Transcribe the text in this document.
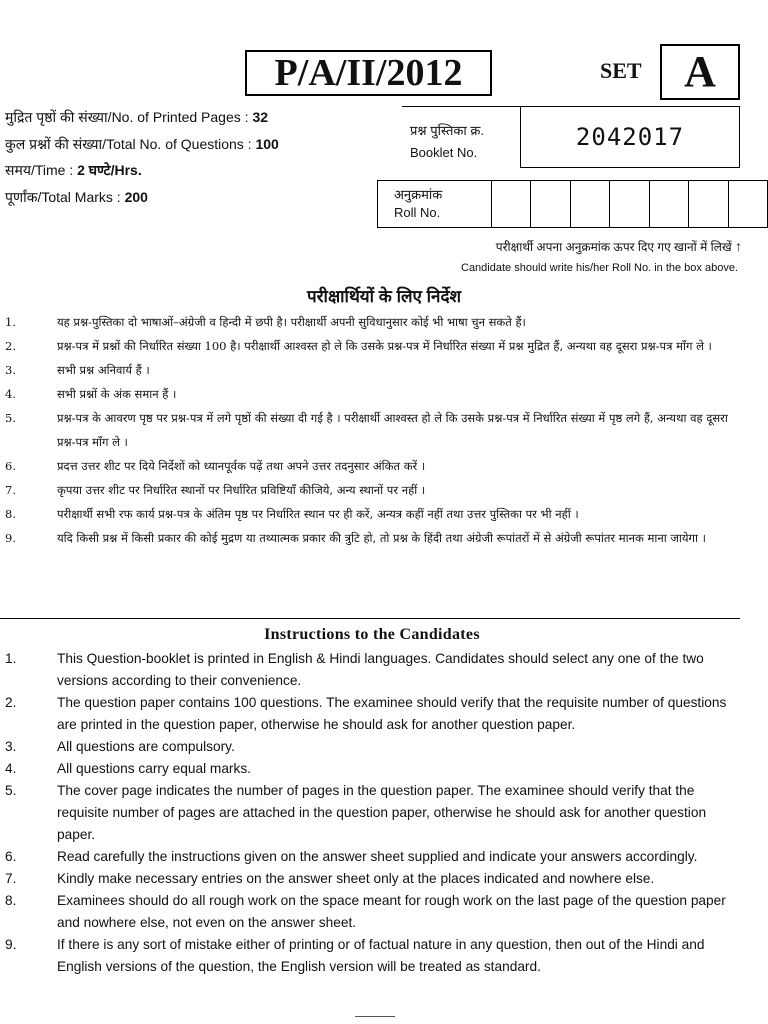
P/A/II/2012	SET A
मुद्रित पृष्ठों की संख्या/No. of Printed Pages : 32
कुल प्रश्नों की संख्या/Total No. of Questions : 100
समय/Time : 2 घण्टे/Hrs.
पूर्णांक/Total Marks : 200
प्रश्न पुस्तिका क्र.
Booklet No.
2042017
अनुक्रमांक
Roll No.

परीक्षार्थी अपना अनुक्रमांक ऊपर दिए गए खानों में लिखें ↑
Candidate should write his/her Roll No. in the box above.
परीक्षार्थियों के लिए निर्देश
1.	यह प्रश्न-पुस्तिका दो भाषाओं–अंग्रेजी व हिन्दी में छपी है। परीक्षार्थी अपनी सुविधानुसार कोई भी भाषा चुन सकते हैं।
2.	प्रश्न-पत्र में प्रश्नों की निर्धारित संख्या 100 है। परीक्षार्थी आश्वस्त हो ले कि उसके प्रश्न-पत्र में निर्धारित संख्या में प्रश्न मुद्रित हैं, अन्यथा वह दूसरा प्रश्न-पत्र माँग ले ।
3.	सभी प्रश्न अनिवार्य हैं ।
4.	सभी प्रश्नों के अंक समान हैं ।
5.	प्रश्न-पत्र के आवरण पृष्ठ पर प्रश्न-पत्र में लगे पृष्ठों की संख्या दी गई है । परीक्षार्थी आश्वस्त हो ले कि उसके प्रश्न-पत्र में निर्धारित संख्या में पृष्ठ लगे हैं, अन्यथा वह दूसरा प्रश्न-पत्र माँग ले ।
6.	प्रदत्त उत्तर शीट पर दिये निर्देशों को ध्यानपूर्वक पढ़ें तथा अपने उत्तर तदनुसार अंकित करें ।
7.	कृपया उत्तर शीट पर निर्धारित स्थानों पर निर्धारित प्रविष्टियाँ कीजिये, अन्य स्थानों पर नहीं ।
8.	परीक्षार्थी सभी रफ कार्य प्रश्न-पत्र के अंतिम पृष्ठ पर निर्धारित स्थान पर ही करें, अन्यत्र कहीं नहीं तथा उत्तर पुस्तिका पर भी नहीं ।
9.	यदि किसी प्रश्न में किसी प्रकार की कोई मुद्रण या तथ्यात्मक प्रकार की त्रुटि हो, तो प्रश्न के हिंदी तथा अंग्रेजी रूपांतरों में से अंग्रेजी रूपांतर मानक माना जायेगा ।
Instructions to the Candidates
1.	This Question-booklet is printed in English & Hindi languages. Candidates should select any one of the two versions according to their convenience.
2.	The question paper contains 100 questions. The examinee should verify that the requisite number of questions are printed in the question paper, otherwise he should ask for another question paper.
3.	All questions are compulsory.
4.	All questions carry equal marks.
5.	The cover page indicates the number of pages in the question paper. The examinee should verify that the requisite number of pages are attached in the question paper, otherwise he should ask for another question paper.
6.	Read carefully the instructions given on the answer sheet supplied and indicate your answers accordingly.
7.	Kindly make necessary entries on the answer sheet only at the places indicated and nowhere else.
8.	Examinees should do all rough work on the space meant for rough work on the last page of the question paper and nowhere else, not even on the answer sheet.
9.	If there is any sort of mistake either of printing or of factual nature in any question, then out of the Hindi and English versions of the question, the English version will be treated as standard.
